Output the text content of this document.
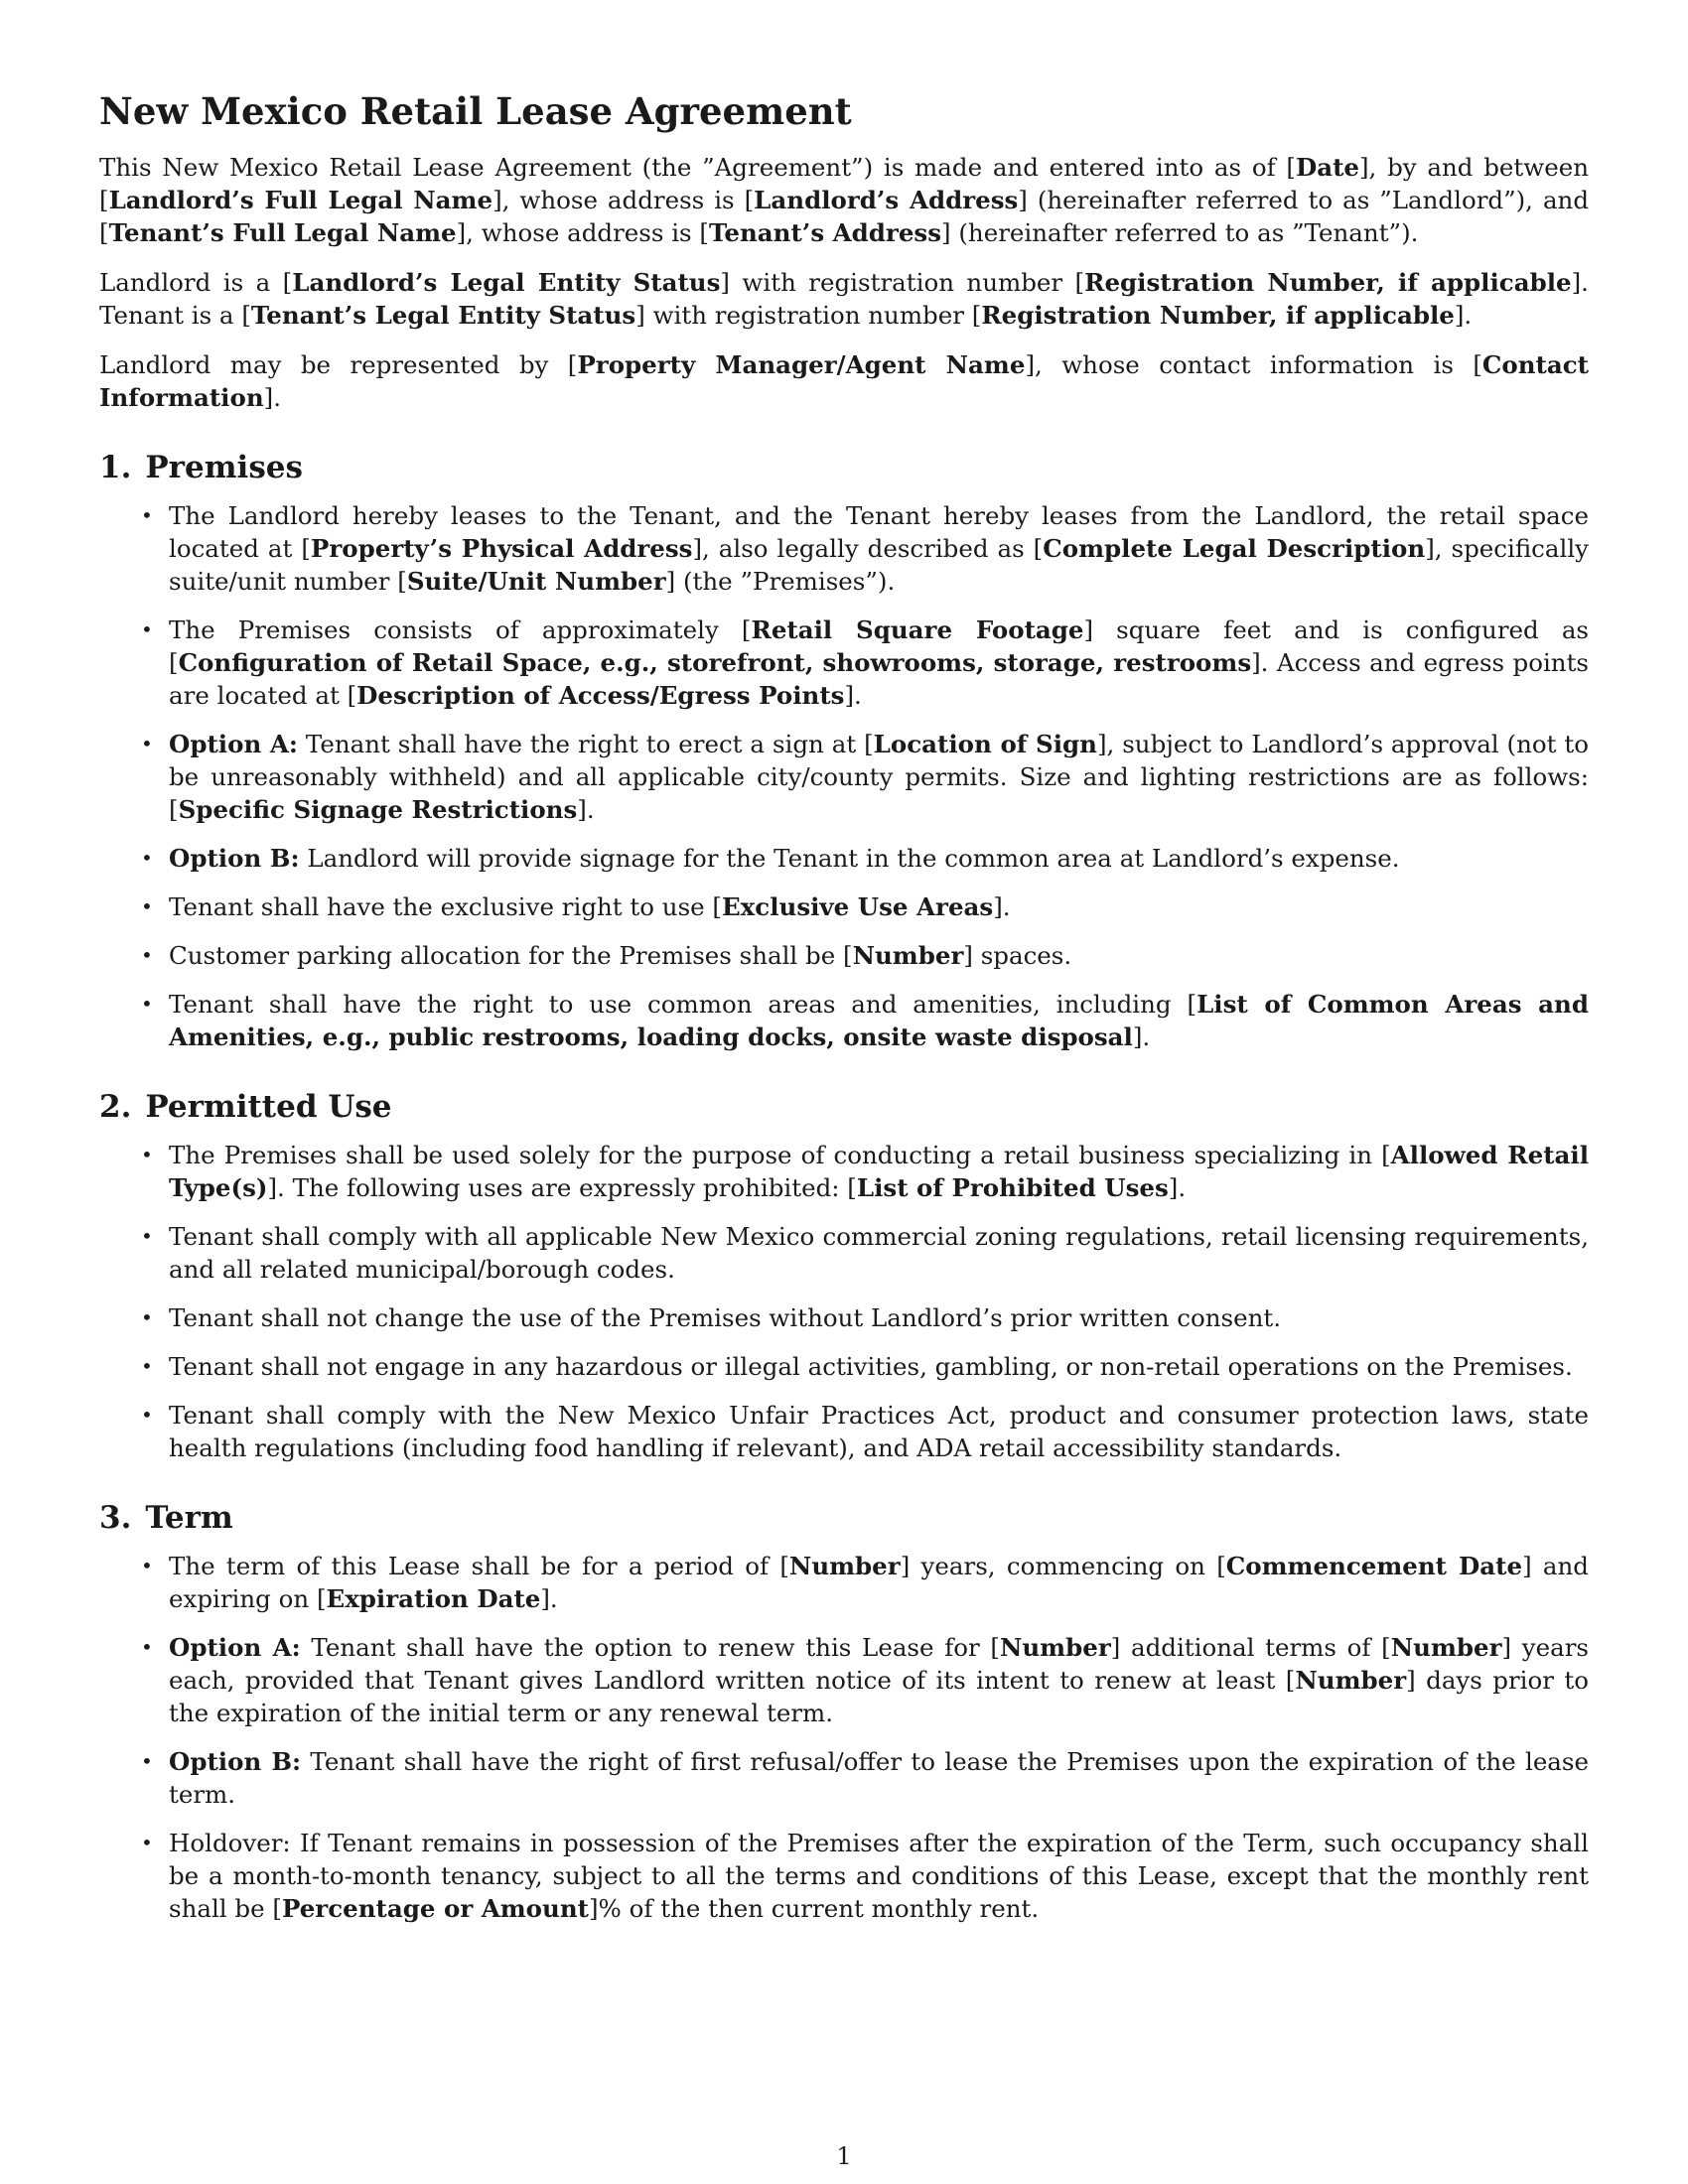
New Mexico Retail Lease Agreement

This New Mexico Retail Lease Agreement (the ”Agreement”) is made and entered into as of [Date], by and between [Landlord’s Full Legal Name], whose address is [Landlord’s Address] (hereinafter referred to as ”Landlord”), and [Tenant’s Full Legal Name], whose address is [Tenant’s Address] (hereinafter referred to as ”Tenant”).

Landlord is a [Landlord’s Legal Entity Status] with registration number [Registration Number, if applicable]. Tenant is a [Tenant’s Legal Entity Status] with registration number [Registration Number, if applicable].

Landlord may be represented by [Property Manager/Agent Name], whose contact information is [Contact Information].

1. Premises
• The Landlord hereby leases to the Tenant, and the Tenant hereby leases from the Landlord, the retail space located at [Property’s Physical Address], also legally described as [Complete Legal Description], specifically suite/unit number [Suite/Unit Number] (the ”Premises”).
• The Premises consists of approximately [Retail Square Footage] square feet and is configured as [Configuration of Retail Space, e.g., storefront, showrooms, storage, restrooms]. Access and egress points are located at [Description of Access/Egress Points].
• Option A: Tenant shall have the right to erect a sign at [Location of Sign], subject to Landlord’s approval (not to be unreasonably withheld) and all applicable city/county permits. Size and lighting restrictions are as follows: [Specific Signage Restrictions].
• Option B: Landlord will provide signage for the Tenant in the common area at Landlord’s expense.
• Tenant shall have the exclusive right to use [Exclusive Use Areas].
• Customer parking allocation for the Premises shall be [Number] spaces.
• Tenant shall have the right to use common areas and amenities, including [List of Common Areas and Amenities, e.g., public restrooms, loading docks, onsite waste disposal].
2. Permitted Use
• The Premises shall be used solely for the purpose of conducting a retail business specializing in [Allowed Retail Type(s)]. The following uses are expressly prohibited: [List of Prohibited Uses].
• Tenant shall comply with all applicable New Mexico commercial zoning regulations, retail licensing requirements, and all related municipal/borough codes.
• Tenant shall not change the use of the Premises without Landlord’s prior written consent.
• Tenant shall not engage in any hazardous or illegal activities, gambling, or non-retail operations on the Premises.
• Tenant shall comply with the New Mexico Unfair Practices Act, product and consumer protection laws, state health regulations (including food handling if relevant), and ADA retail accessibility standards.
3. Term
• The term of this Lease shall be for a period of [Number] years, commencing on [Commencement Date] and expiring on [Expiration Date].
• Option A: Tenant shall have the option to renew this Lease for [Number] additional terms of [Number] years each, provided that Tenant gives Landlord written notice of its intent to renew at least [Number] days prior to the expiration of the initial term or any renewal term.
• Option B: Tenant shall have the right of first refusal/offer to lease the Premises upon the expiration of the lease term.
• Holdover: If Tenant remains in possession of the Premises after the expiration of the Term, such occupancy shall be a month-to-month tenancy, subject to all the terms and conditions of this Lease, except that the monthly rent shall be [Percentage or Amount]% of the then current monthly rent.
1
